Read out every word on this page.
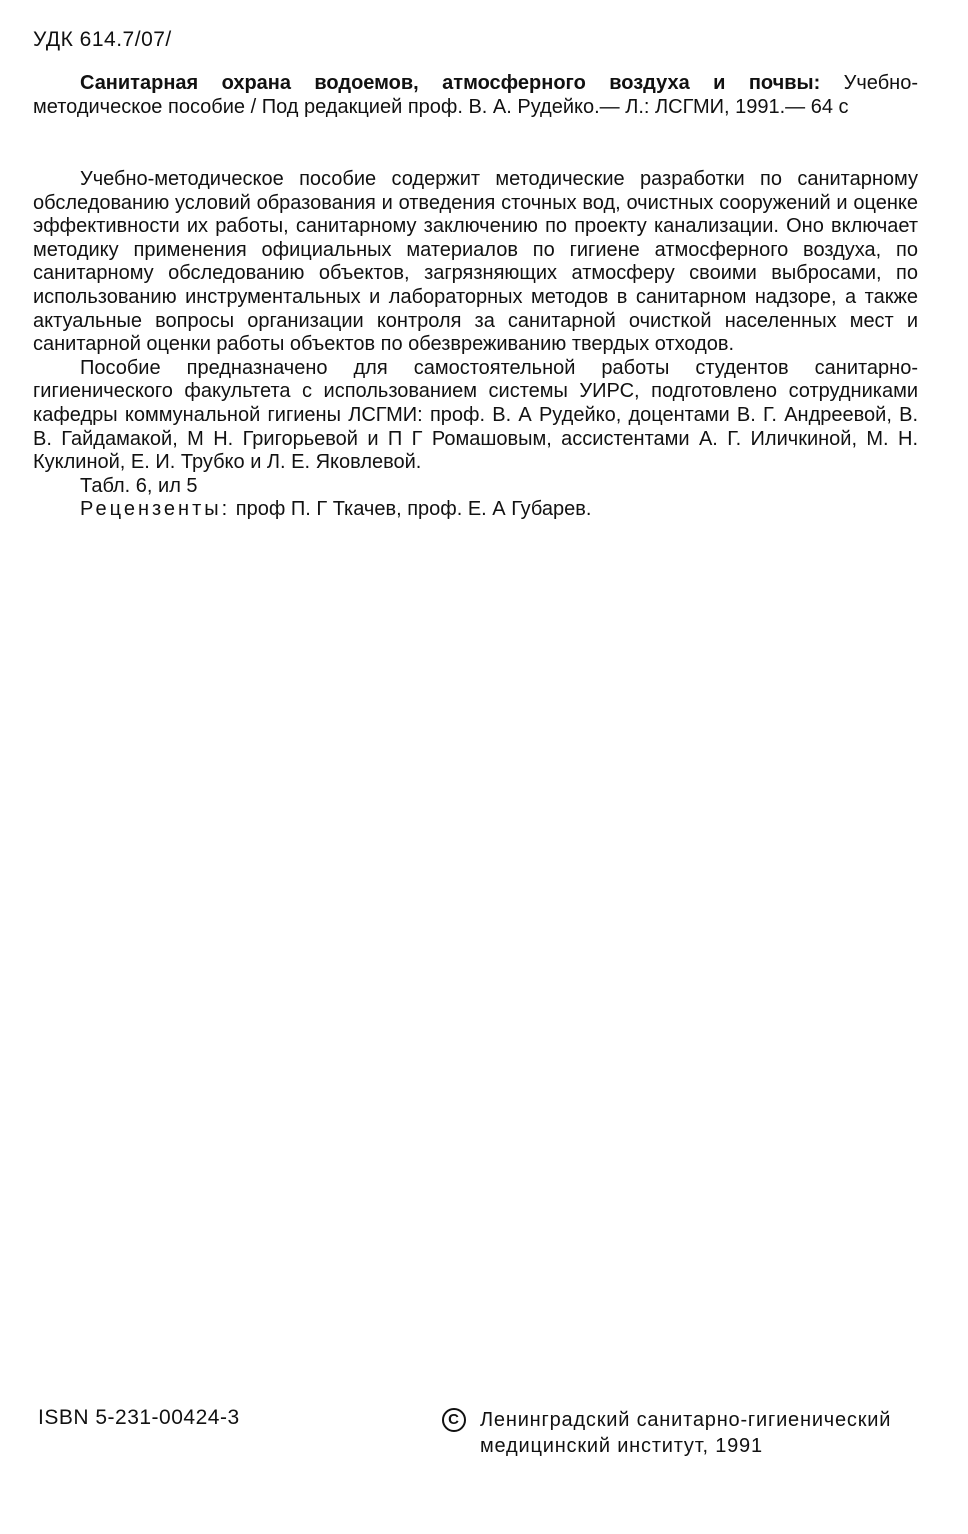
УДК 614.7/07/

Санитарная охрана водоемов, атмосферного воздуха и почвы: Учебно-методическое пособие / Под редакцией проф. В. А. Рудейко.— Л.: ЛСГМИ, 1991.— 64 с

Учебно-методическое пособие содержит методические разработки по санитарному обследованию условий образования и отведения сточных вод, очистных сооружений и оценке эффективности их работы, санитарному заключению по проекту канализации. Оно включает методику применения официальных материалов по гигиене атмосферного воздуха, по санитарному обследованию объектов, загрязняющих атмосферу своими выбросами, по использованию инструментальных и лабораторных методов в санитарном надзоре, а также актуальные вопросы организации контроля за санитарной очисткой населенных мест и санитарной оценки работы объектов по обезвреживанию твердых отходов.

Пособие предназначено для самостоятельной работы студентов санитарно-гигиенического факультета с использованием системы УИРС, подготовлено сотрудниками кафедры коммунальной гигиены ЛСГМИ: проф. В. А Рудейко, доцентами В. Г. Андреевой, В. В. Гайдамакой, М Н. Григорьевой и П Г Ромашовым, ассистентами А. Г. Иличкиной, М. Н. Куклиной, Е. И. Трубко и Л. Е. Яковлевой.

Табл. 6, ил 5

Рецензенты: проф П. Г Ткачев, проф. Е. А Губарев.

ISBN 5-231-00424-3	C	Ленинградский санитарно-гигиенический
медицинский институт, 1991
